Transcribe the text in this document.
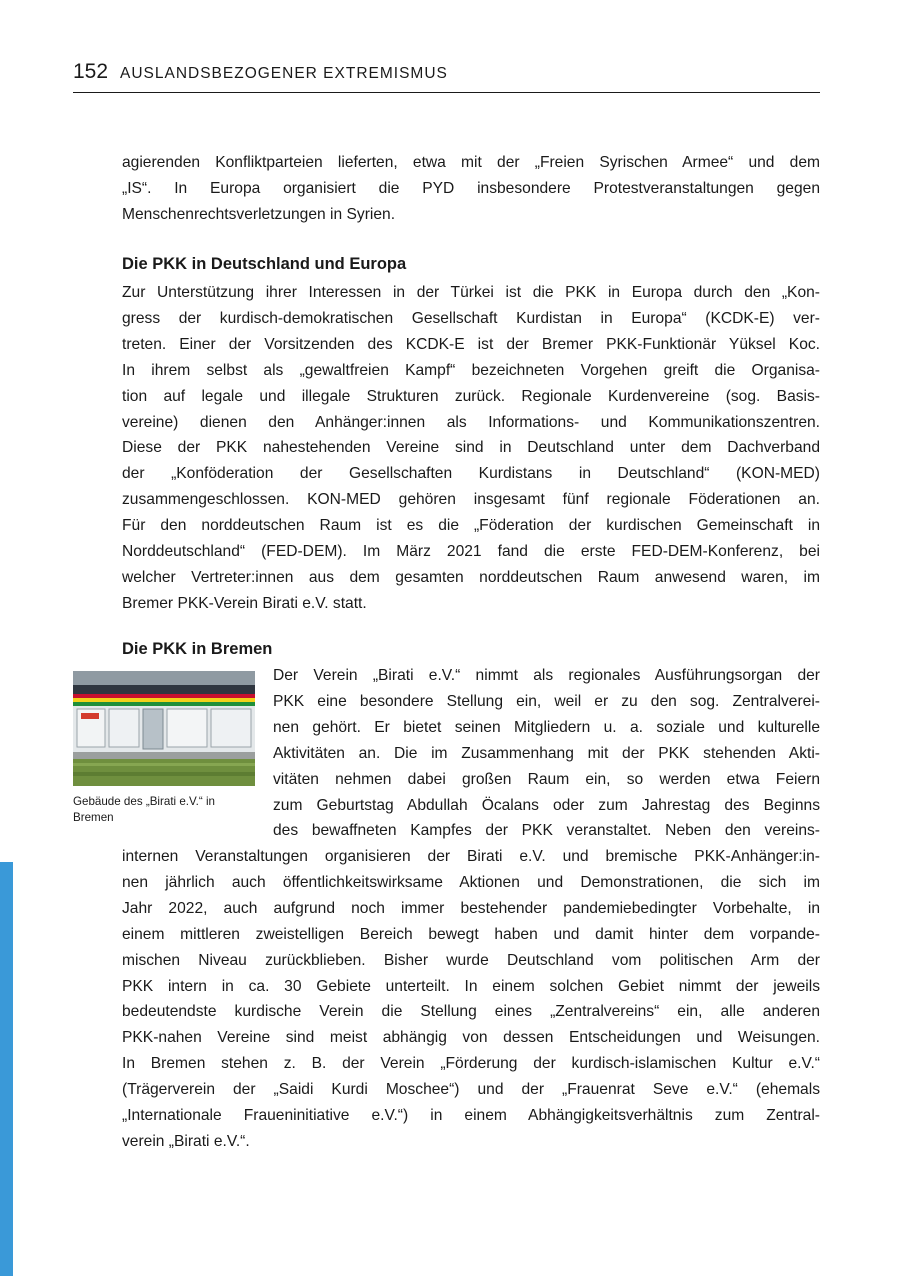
152 AUSLANDSBEZOGENER EXTREMISMUS
agierenden Konfliktparteien lieferten, etwa mit der „Freien Syrischen Armee“ und dem
„IS“. In Europa organisiert die PYD insbesondere Protestveranstaltungen gegen
Menschenrechtsverletzungen in Syrien.
Die PKK in Deutschland und Europa
Zur Unterstützung ihrer Interessen in der Türkei ist die PKK in Europa durch den „Kon-
gress der kurdisch-demokratischen Gesellschaft Kurdistan in Europa“ (KCDK-E) ver-
treten. Einer der Vorsitzenden des KCDK-E ist der Bremer PKK-Funktionär Yüksel Koc.
In ihrem selbst als „gewaltfreien Kampf“ bezeichneten Vorgehen greift die Organisa-
tion auf legale und illegale Strukturen zurück. Regionale Kurdenvereine (sog. Basis-
vereine) dienen den Anhänger:innen als Informations- und Kommunikationszentren.
Diese der PKK nahestehenden Vereine sind in Deutschland unter dem Dachverband
der „Konföderation der Gesellschaften Kurdistans in Deutschland“ (KON-MED)
zusammengeschlossen. KON-MED gehören insgesamt fünf regionale Föderationen an.
Für den norddeutschen Raum ist es die „Föderation der kurdischen Gemeinschaft in
Norddeutschland“ (FED-DEM). Im März 2021 fand die erste FED-DEM-Konferenz, bei
welcher Vertreter:innen aus dem gesamten norddeutschen Raum anwesend waren, im
Bremer PKK-Verein Birati e.V. statt.
Die PKK in Bremen
Gebäude des „Birati e.V.“ in
Bremen
Der Verein „Birati e.V.“ nimmt als regionales Ausführungsorgan der
PKK eine besondere Stellung ein, weil er zu den sog. Zentralverei-
nen gehört. Er bietet seinen Mitgliedern u. a. soziale und kulturelle
Aktivitäten an. Die im Zusammenhang mit der PKK stehenden Akti-
vitäten nehmen dabei großen Raum ein, so werden etwa Feiern
zum Geburtstag Abdullah Öcalans oder zum Jahrestag des Beginns
des bewaffneten Kampfes der PKK veranstaltet. Neben den vereins-
internen Veranstaltungen organisieren der Birati e.V. und bremische PKK-Anhänger:in-
nen jährlich auch öffentlichkeitswirksame Aktionen und Demonstrationen, die sich im
Jahr 2022, auch aufgrund noch immer bestehender pandemiebedingter Vorbehalte, in
einem mittleren zweistelligen Bereich bewegt haben und damit hinter dem vorpande-
mischen Niveau zurückblieben. Bisher wurde Deutschland vom politischen Arm der
PKK intern in ca. 30 Gebiete unterteilt. In einem solchen Gebiet nimmt der jeweils
bedeutendste kurdische Verein die Stellung eines „Zentralvereins“ ein, alle anderen
PKK-nahen Vereine sind meist abhängig von dessen Entscheidungen und Weisungen.
In Bremen stehen z. B. der Verein „Förderung der kurdisch-islamischen Kultur e.V.“
(Trägerverein der „Saidi Kurdi Moschee“) und der „Frauenrat Seve e.V.“ (ehemals
„Internationale Fraueninitiative e.V.“) in einem Abhängigkeitsverhältnis zum Zentral-
verein „Birati e.V.“.
